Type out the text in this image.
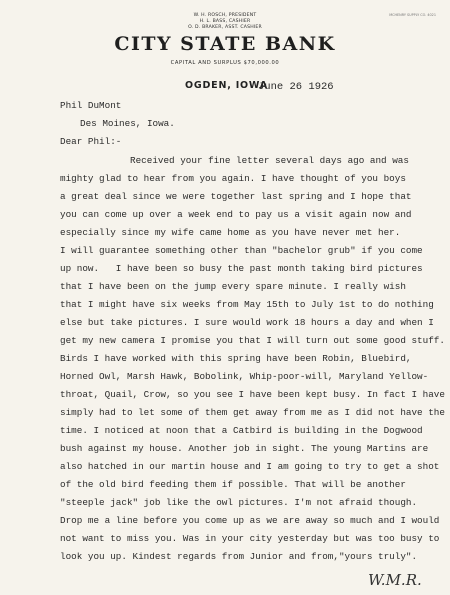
MCHENRY SUPPLY CO. 4021
W. H. ROSCH, PRESIDENT
H. L. BASS, CASHIER
O. D. BRAKER, ASST. CASHIER
CITY STATE BANK
CAPITAL AND SURPLUS $70,000.00
OGDEN, IOWA
June 26 1926
Phil DuMont
Des Moines, Iowa.
Dear Phil:-
Received your fine letter several days ago and was
mighty glad to hear from you again. I have thought of you boys
a great deal since we were together last spring and I hope that
you can come up over a week end to pay us a visit again now and
especially since my wife came home as you have never met her.
I will guarantee something other than "bachelor grub" if you come
up now.   I have been so busy the past month taking bird pictures
that I have been on the jump every spare minute. I really wish
that I might have six weeks from May 15th to July 1st to do nothing
else but take pictures. I sure would work 18 hours a day and when I
get my new camera I promise you that I will turn out some good stuff.
Birds I have worked with this spring have been Robin, Bluebird,
Horned Owl, Marsh Hawk, Bobolink, Whip-poor-will, Maryland Yellow-
throat, Quail, Crow, so you see I have been kept busy. In fact I have
simply had to let some of them get away from me as I did not have the
time. I noticed at noon that a Catbird is building in the Dogwood
bush against my house. Another job in sight. The young Martins are
also hatched in our martin house and I am going to try to get a shot
of the old bird feeding them if possible. That will be another
"steeple jack" job like the owl pictures. I'm not afraid though.
Drop me a line before you come up as we are away so much and I would
not want to miss you. Was in your city yesterday but was too busy to
look you up. Kindest regards from Junior and from,"yours truly".
W.M.R.
